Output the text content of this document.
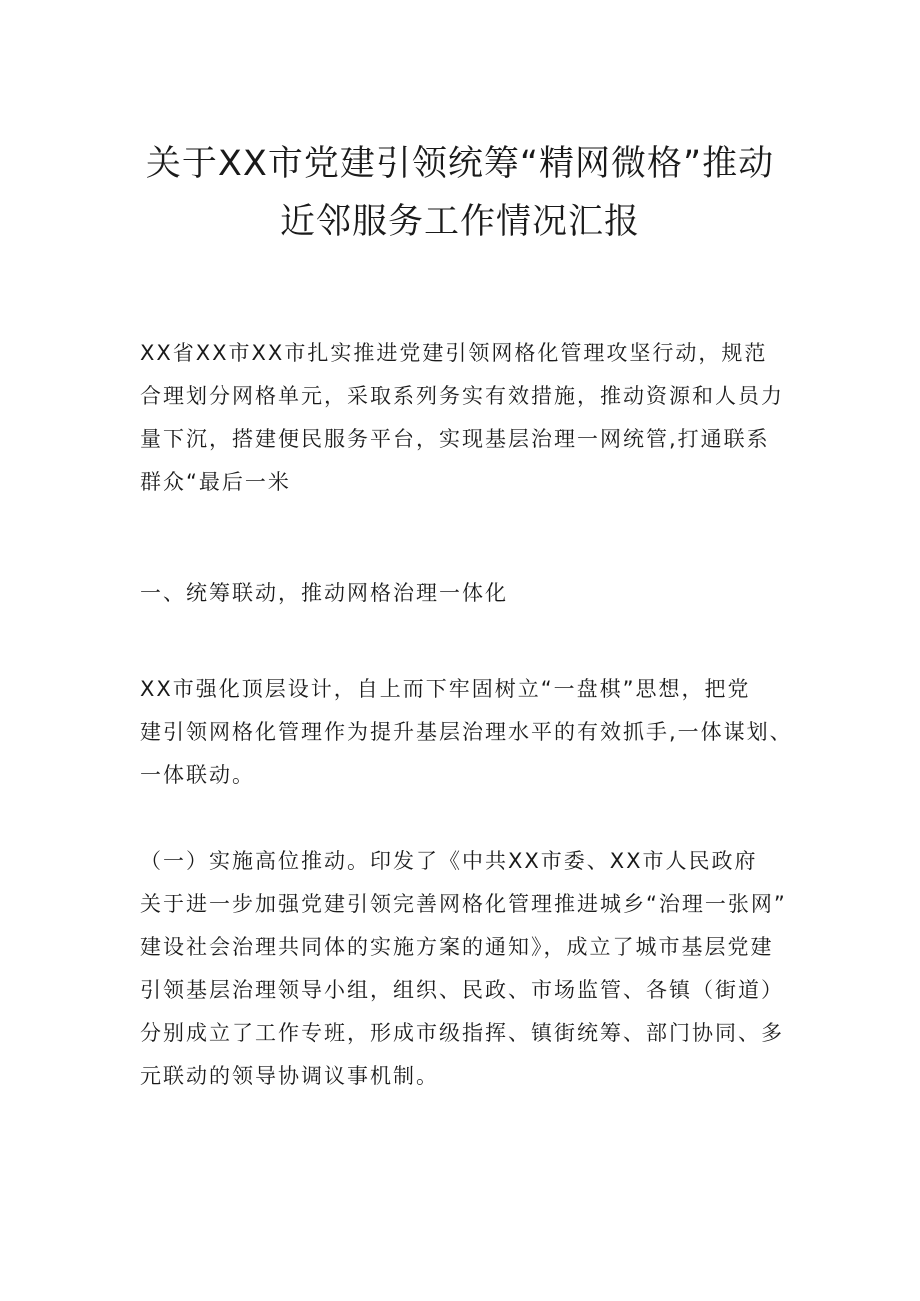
关于XX市党建引领统筹“精网微格”推动
近邻服务工作情况汇报

XX省XX市XX市扎实推进党建引领网格化管理攻坚行动，规范
合理划分网格单元，采取系列务实有效措施，推动资源和人员力
量下沉，搭建便民服务平台，实现基层治理一网统管,打通联系
群众“最后一米

一、统筹联动，推动网格治理一体化

XX市强化顶层设计，自上而下牢固树立“一盘棋”思想，把党
建引领网格化管理作为提升基层治理水平的有效抓手,一体谋划、
一体联动。

（一）实施高位推动。印发了《中共XX市委、XX市人民政府
关于进一步加强党建引领完善网格化管理推进城乡“治理一张网”
建设社会治理共同体的实施方案的通知》，成立了城市基层党建
引领基层治理领导小组，组织、民政、市场监管、各镇（街道）
分别成立了工作专班，形成市级指挥、镇街统筹、部门协同、多
元联动的领导协调议事机制。
